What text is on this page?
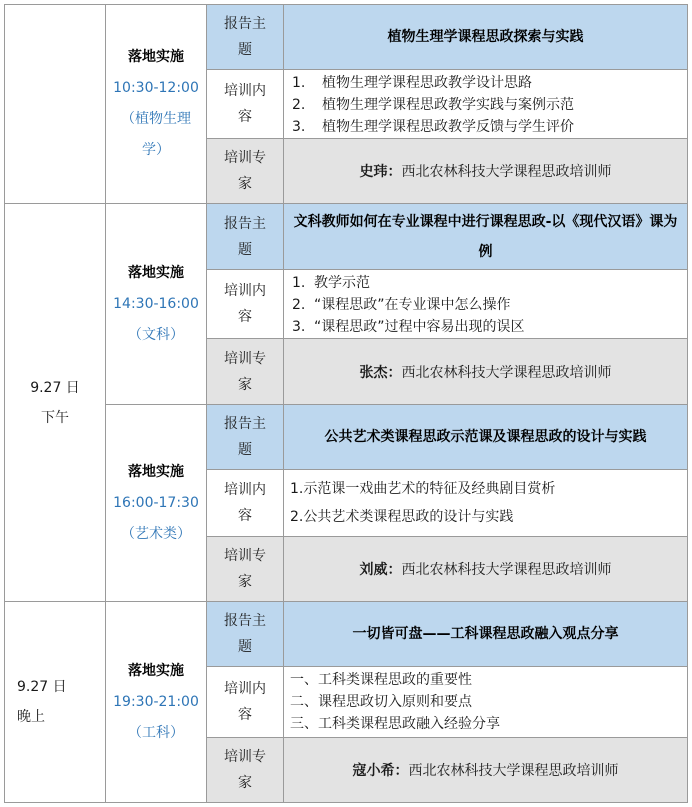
9.27 日
下午
9.27 日
晚上
落地实施
10:30-12:00
（植物生理学）
报告主题
植物生理学课程思政探索与实践
培训内容
1. 植物生理学课程思政教学设计思路
2. 植物生理学课程思政教学实践与案例示范
3. 植物生理学课程思政教学反馈与学生评价
培训专家
史玮： 西北农林科技大学课程思政培训师
落地实施
14:30-16:00
（文科）
报告主题
文科教师如何在专业课程中进行课程思政-以《现代汉语》课为例
培训内容
1. 教学示范
2. “课程思政”在专业课中怎么操作
3. “课程思政”过程中容易出现的误区
培训专家
张杰： 西北农林科技大学课程思政培训师
落地实施
16:00-17:30
（艺术类）
报告主题
公共艺术类课程思政示范课及课程思政的设计与实践
培训内容
1.示范课一戏曲艺术的特征及经典剧目赏析
2.公共艺术类课程思政的设计与实践
培训专家
刘威： 西北农林科技大学课程思政培训师
落地实施
19:30-21:00
（工科）
报告主题
一切皆可盘——工科课程思政融入观点分享
培训内容
一、工科类课程思政的重要性
二、课程思政切入原则和要点
三、工科类课程思政融入经验分享
培训专家
寇小希： 西北农林科技大学课程思政培训师
